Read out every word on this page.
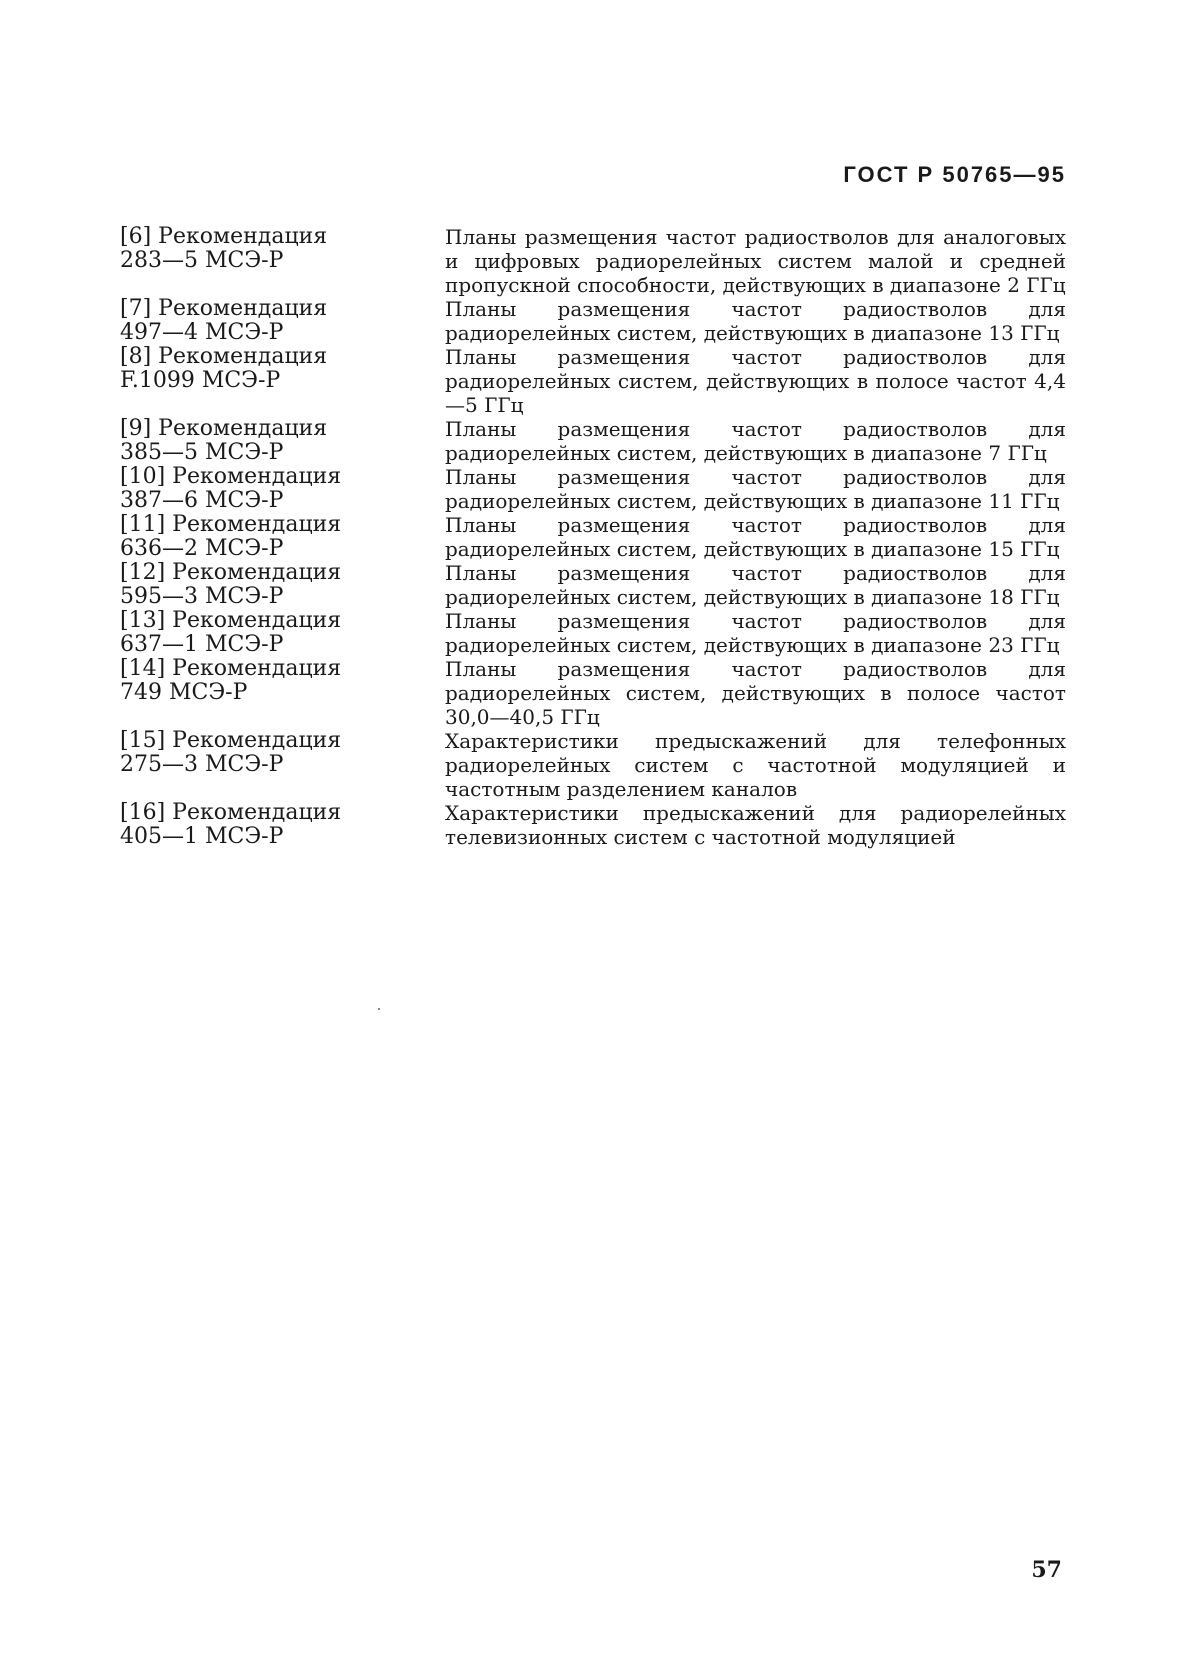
ГОСТ Р 50765—95
[6] Рекомендация
283—5 МСЭ-Р
Планы размещения частот радиостволов для аналоговых и цифровых радиорелейных систем малой и средней пропускной способности, действующих в диапазоне 2 ГГц
[7] Рекомендация
497—4 МСЭ-Р
Планы размещения частот радиостволов для радиорелейных систем, действующих в диапазоне 13 ГГц
[8] Рекомендация
F.1099 МСЭ-Р
Планы размещения частот радиостволов для радиорелейных систем, действующих в полосе частот 4,4—5 ГГц
[9] Рекомендация
385—5 МСЭ-Р
Планы размещения частот радиостволов для радиорелейных систем, действующих в диапазоне 7 ГГц
[10] Рекомендация
387—6 МСЭ-Р
Планы размещения частот радиостволов для радиорелейных систем, действующих в диапазоне 11 ГГц
[11] Рекомендация
636—2 МСЭ-Р
Планы размещения частот радиостволов для радиорелейных систем, действующих в диапазоне 15 ГГц
[12] Рекомендация
595—3 МСЭ-Р
Планы размещения частот радиостволов для радиорелейных систем, действующих в диапазоне 18 ГГц
[13] Рекомендация
637—1 МСЭ-Р
Планы размещения частот радиостволов для радиорелейных систем, действующих в диапазоне 23 ГГц
[14] Рекомендация
749 МСЭ-Р
Планы размещения частот радиостволов для радиорелейных систем, действующих в полосе частот 30,0—40,5 ГГц
[15] Рекомендация
275—3 МСЭ-Р
Характеристики предыскажений для телефонных радиорелейных систем с частотной модуляцией и частотным разделением каналов
[16] Рекомендация
405—1 МСЭ-Р
Характеристики предыскажений для радиорелейных телевизионных систем с частотной модуляцией
57
